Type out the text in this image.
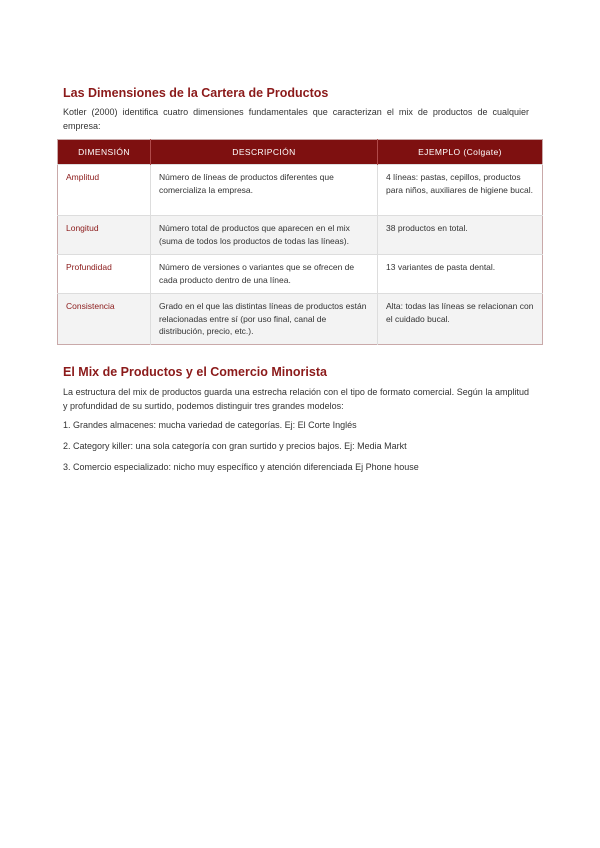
Las Dimensiones de la Cartera de Productos

Kotler (2000) identifica cuatro dimensiones fundamentales que caracterizan el mix de productos de cualquier empresa:

DIMENSIÓN	DESCRIPCIÓN	EJEMPLO (Colgate)
Amplitud	Número de líneas de productos diferentes que comercializa la empresa.	4 líneas: pastas, cepillos, productos para niños, auxiliares de higiene bucal.
Longitud	Número total de productos que aparecen en el mix (suma de todos los productos de todas las líneas).	38 productos en total.
Profundidad	Número de versiones o variantes que se ofrecen de cada producto dentro de una línea.	13 variantes de pasta dental.
Consistencia	Grado en el que las distintas líneas de productos están relacionadas entre sí (por uso final, canal de distribución, precio, etc.).	Alta: todas las líneas se relacionan con el cuidado bucal.
El Mix de Productos y el Comercio Minorista

La estructura del mix de productos guarda una estrecha relación con el tipo de formato comercial. Según la amplitud y profundidad de su surtido, podemos distinguir tres grandes modelos:

1. Grandes almacenes: mucha variedad de categorías. Ej: El Corte Inglés
2. Category killer: una sola categoría con gran surtido y precios bajos. Ej: Media Markt
3. Comercio especializado: nicho muy específico y atención diferenciada Ej Phone house
